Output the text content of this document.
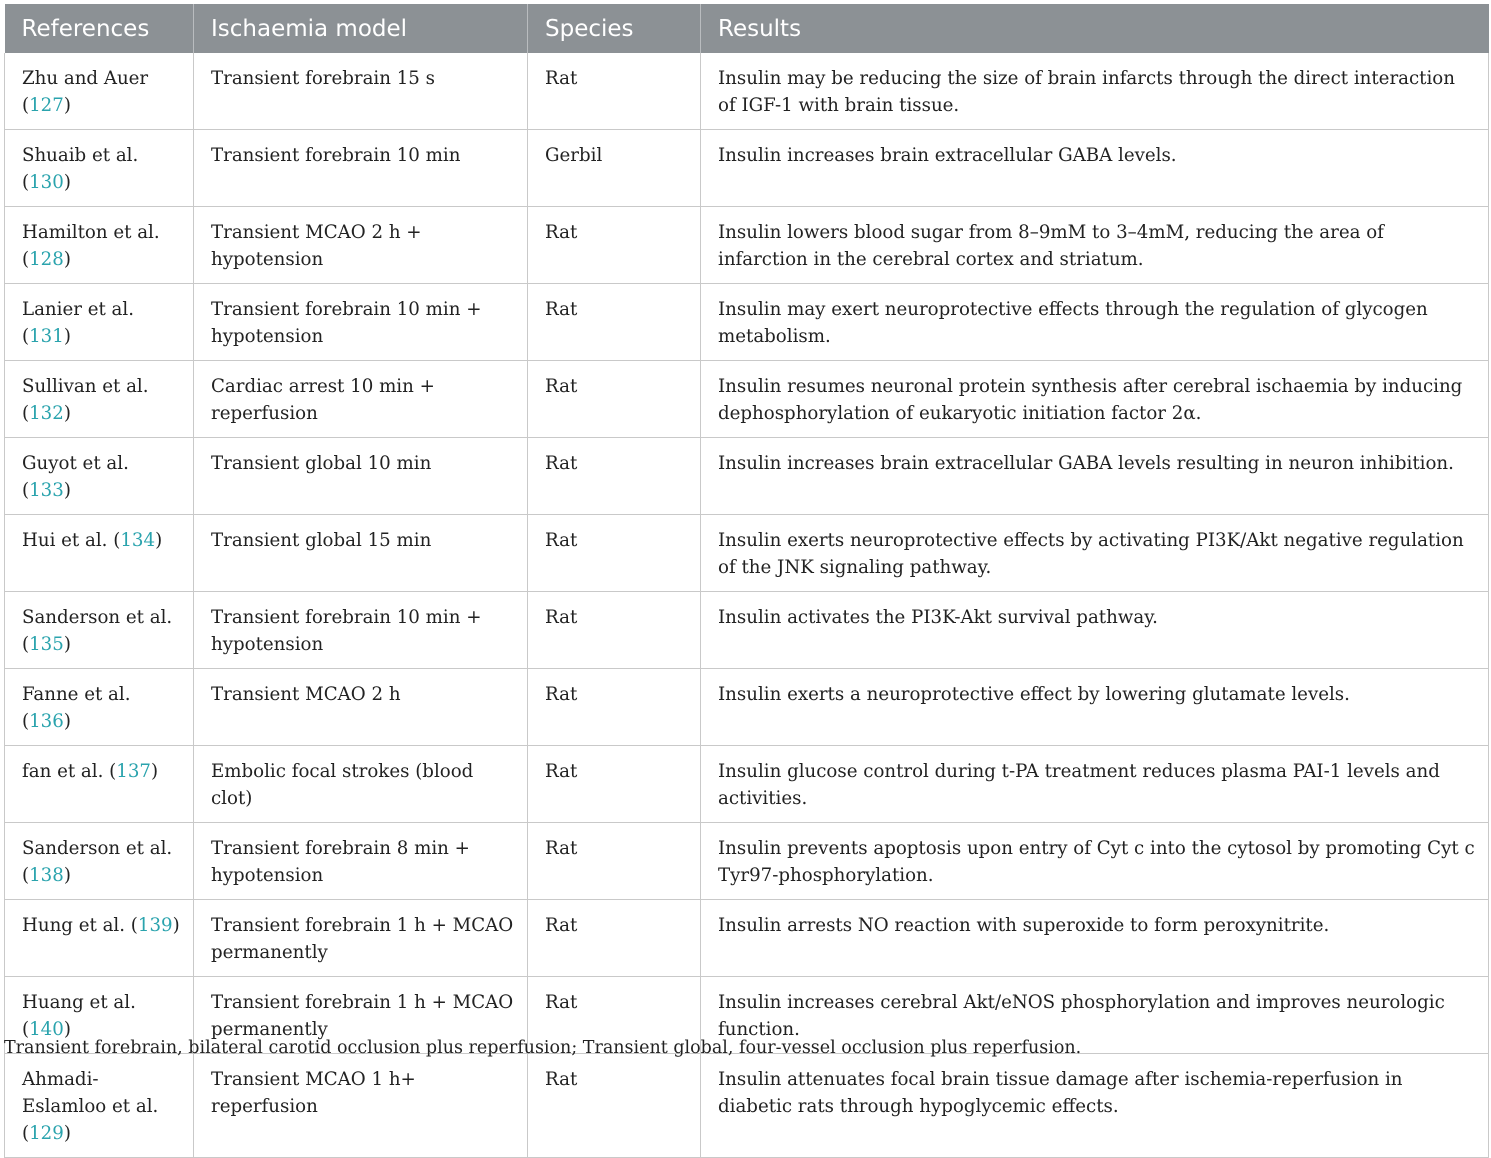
References	Ischaemia model	Species	Results
Zhu and Auer (127)	Transient forebrain 15 s	Rat	Insulin may be reducing the size of brain infarcts through the direct interaction of IGF-1 with brain tissue.
Shuaib et al. (130)	Transient forebrain 10 min	Gerbil	Insulin increases brain extracellular GABA levels.
Hamilton et al. (128)	Transient MCAO 2 h + hypotension	Rat	Insulin lowers blood sugar from 8–9mM to 3–4mM, reducing the area of infarction in the cerebral cortex and striatum.
Lanier et al. (131)	Transient forebrain 10 min + hypotension	Rat	Insulin may exert neuroprotective effects through the regulation of glycogen metabolism.
Sullivan et al. (132)	Cardiac arrest 10 min + reperfusion	Rat	Insulin resumes neuronal protein synthesis after cerebral ischaemia by inducing dephosphorylation of eukaryotic initiation factor 2α.
Guyot et al. (133)	Transient global 10 min	Rat	Insulin increases brain extracellular GABA levels resulting in neuron inhibition.
Hui et al. (134)	Transient global 15 min	Rat	Insulin exerts neuroprotective effects by activating PI3K/Akt negative regulation of the JNK signaling pathway.
Sanderson et al. (135)	Transient forebrain 10 min + hypotension	Rat	Insulin activates the PI3K-Akt survival pathway.
Fanne et al. (136)	Transient MCAO 2 h	Rat	Insulin exerts a neuroprotective effect by lowering glutamate levels.
fan et al. (137)	Embolic focal strokes (blood clot)	Rat	Insulin glucose control during t-PA treatment reduces plasma PAI-1 levels and activities.
Sanderson et al. (138)	Transient forebrain 8 min + hypotension	Rat	Insulin prevents apoptosis upon entry of Cyt c into the cytosol by promoting Cyt c Tyr97-phosphorylation.
Hung et al. (139)	Transient forebrain 1 h + MCAO permanently	Rat	Insulin arrests NO reaction with superoxide to form peroxynitrite.
Huang et al. (140)	Transient forebrain 1 h + MCAO permanently	Rat	Insulin increases cerebral Akt/eNOS phosphorylation and improves neurologic function.
Ahmadi-Eslamloo et al. (129)	Transient MCAO 1 h+ reperfusion	Rat	Insulin attenuates focal brain tissue damage after ischemia-reperfusion in diabetic rats through hypoglycemic effects.
Transient forebrain, bilateral carotid occlusion plus reperfusion; Transient global, four-vessel occlusion plus reperfusion.
